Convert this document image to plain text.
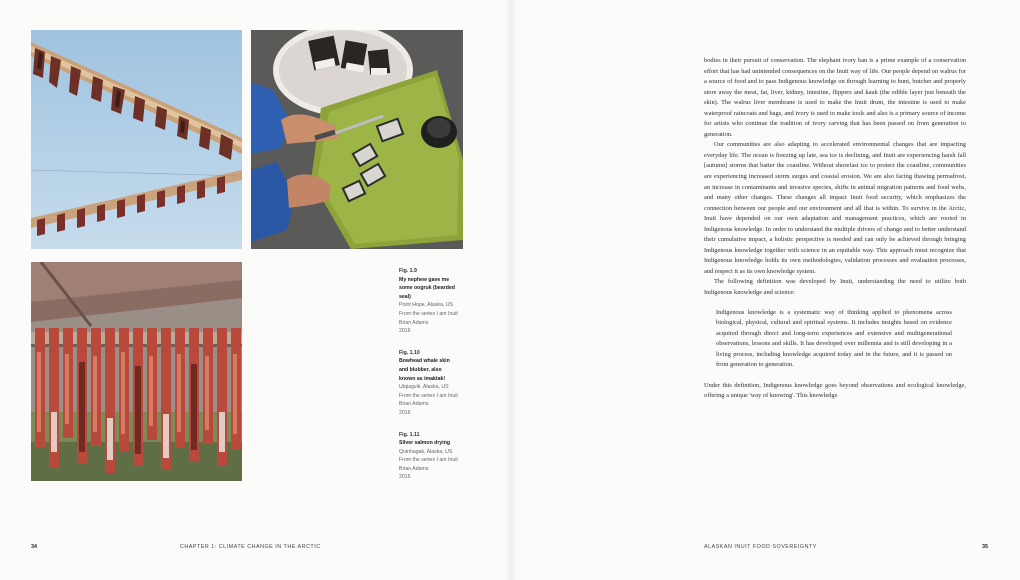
Fig. 1.9
My nephew gave me
some oogruk (bearded
seal)
Point Hope, Alaska, US
From the series I am Inuit
Brian Adams
2016
Fig. 1.10
Bowhead whale skin
and blubber, also
known as imaktak!
Utqiagvik, Alaska, US
From the series I am Inuit
Brian Adams
2016
Fig. 1.11
Silver salmon drying
Quinhagak, Alaska, US
From the series I am Inuit
Brian Adams
2015
34	CHAPTER 1: CLIMATE CHANGE IN THE ARCTIC

bodies in their pursuit of conservation. The elephant ivory ban is a prime example of a conservation effort that has had unintended consequences on the Inuit way of life. Our people depend on walrus for a source of food and to pass Indigenous knowledge on through learning to hunt, butcher and properly store away the meat, fat, liver, kidney, intestine, flippers and kauk (the edible layer just beneath the skin). The walrus liver membrane is used to make the Inuit drum, the intestine is used to make waterproof raincoats and bags, and ivory is used to make tools and also is a primary source of income for artists who continue the tradition of ivory carving that has been passed on from generation to generation.

Our communities are also adapting to accelerated environmental changes that are impacting everyday life. The ocean is freezing up late, sea ice is declining, and Inuit are experiencing harsh fall [autumn] storms that batter the coastline. Without shorefast ice to protect the coastline, communities are experiencing increased storm surges and coastal erosion. We are also facing thawing permafrost, an increase in contaminants and invasive species, shifts in animal migration patterns and food webs, and many other changes. These changes all impact Inuit food security, which emphasizes the connection between our people and our environment and all that is within. To survive in the Arctic, Inuit have depended on our own adaptation and management practices, which are rooted in Indigenous knowledge. In order to understand the multiple drivers of change and to better understand their cumulative impact, a holistic perspective is needed and can only be achieved through bringing Indigenous knowledge together with science in an equitable way. This approach must recognize that Indigenous knowledge holds its own methodologies, validation processes and evaluation processes, and respect it as its own knowledge system.

The following definition was developed by Inuit, understanding the need to utilize both Indigenous knowledge and science:

Indigenous knowledge is a systematic way of thinking applied to phenomena across biological, physical, cultural and spiritual systems. It includes insights based on evidence acquired through direct and long-term experiences and extensive and multigenerational observations, lessons and skills. It has developed over millennia and is still developing in a living process, including knowledge acquired today and in the future, and it is passed on from generation to generation.

Under this definition, Indigenous knowledge goes beyond observations and ecological knowledge, offering a unique 'way of knowing'. This knowledge

ALASKAN INUIT FOOD SOVEREIGNTY	35
